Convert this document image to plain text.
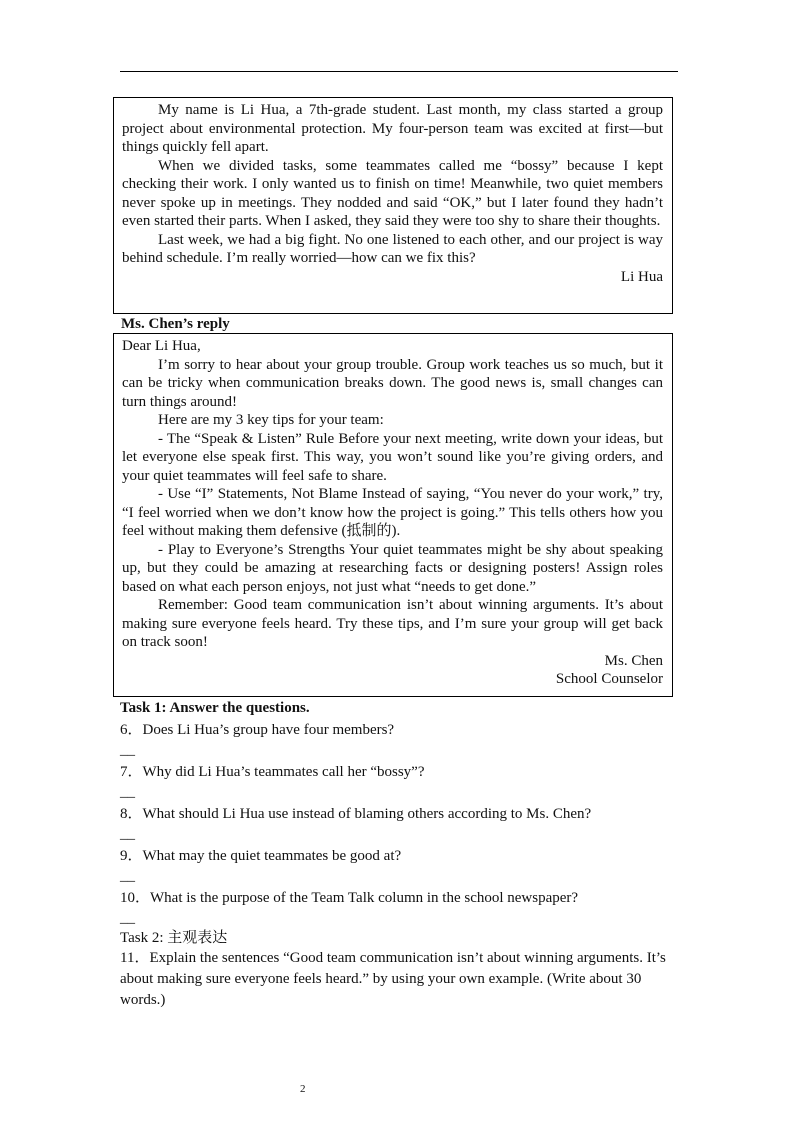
My name is Li Hua, a 7th-grade student. Last month, my class started a group project about environmental protection. My four-person team was excited at first—but things quickly fell apart.

When we divided tasks, some teammates called me “bossy” because I kept checking their work. I only wanted us to finish on time! Meanwhile, two quiet members never spoke up in meetings. They nodded and said “OK,” but I later found they hadn’t even started their parts. When I asked, they said they were too shy to share their thoughts.

Last week, we had a big fight. No one listened to each other, and our project is way behind schedule. I’m really worried—how can we fix this?

Li Hua

Ms. Chen’s reply

Dear Li Hua,

I’m sorry to hear about your group trouble. Group work teaches us so much, but it can be tricky when communication breaks down. The good news is, small changes can turn things around!

Here are my 3 key tips for your team:

- The “Speak & Listen” Rule Before your next meeting, write down your ideas, but let everyone else speak first. This way, you won’t sound like you’re giving orders, and your quiet teammates will feel safe to share.

- Use “I” Statements, Not Blame Instead of saying, “You never do your work,” try, “I feel worried when we don’t know how the project is going.” This tells others how you feel without making them defensive (抵制的).

- Play to Everyone’s Strengths Your quiet teammates might be shy about speaking up, but they could be amazing at researching facts or designing posters! Assign roles based on what each person enjoys, not just what “needs to get done.”

Remember: Good team communication isn’t about winning arguments. It’s about making sure everyone feels heard. Try these tips, and I’m sure your group will get back on track soon!

Ms. Chen

School Counselor

Task 1: Answer the questions.
6．Does Li Hua’s group have four members?
__
7．Why did Li Hua’s teammates call her “bossy”?
__
8．What should Li Hua use instead of blaming others according to Ms. Chen?
__
9．What may the quiet teammates be good at?
__
10．What is the purpose of the Team Talk column in the school newspaper?
__
Task 2: 主观表达
11．Explain the sentences “Good team communication isn’t about winning arguments. It’s about making sure everyone feels heard.” by using your own example. (Write about 30 words.)
2
